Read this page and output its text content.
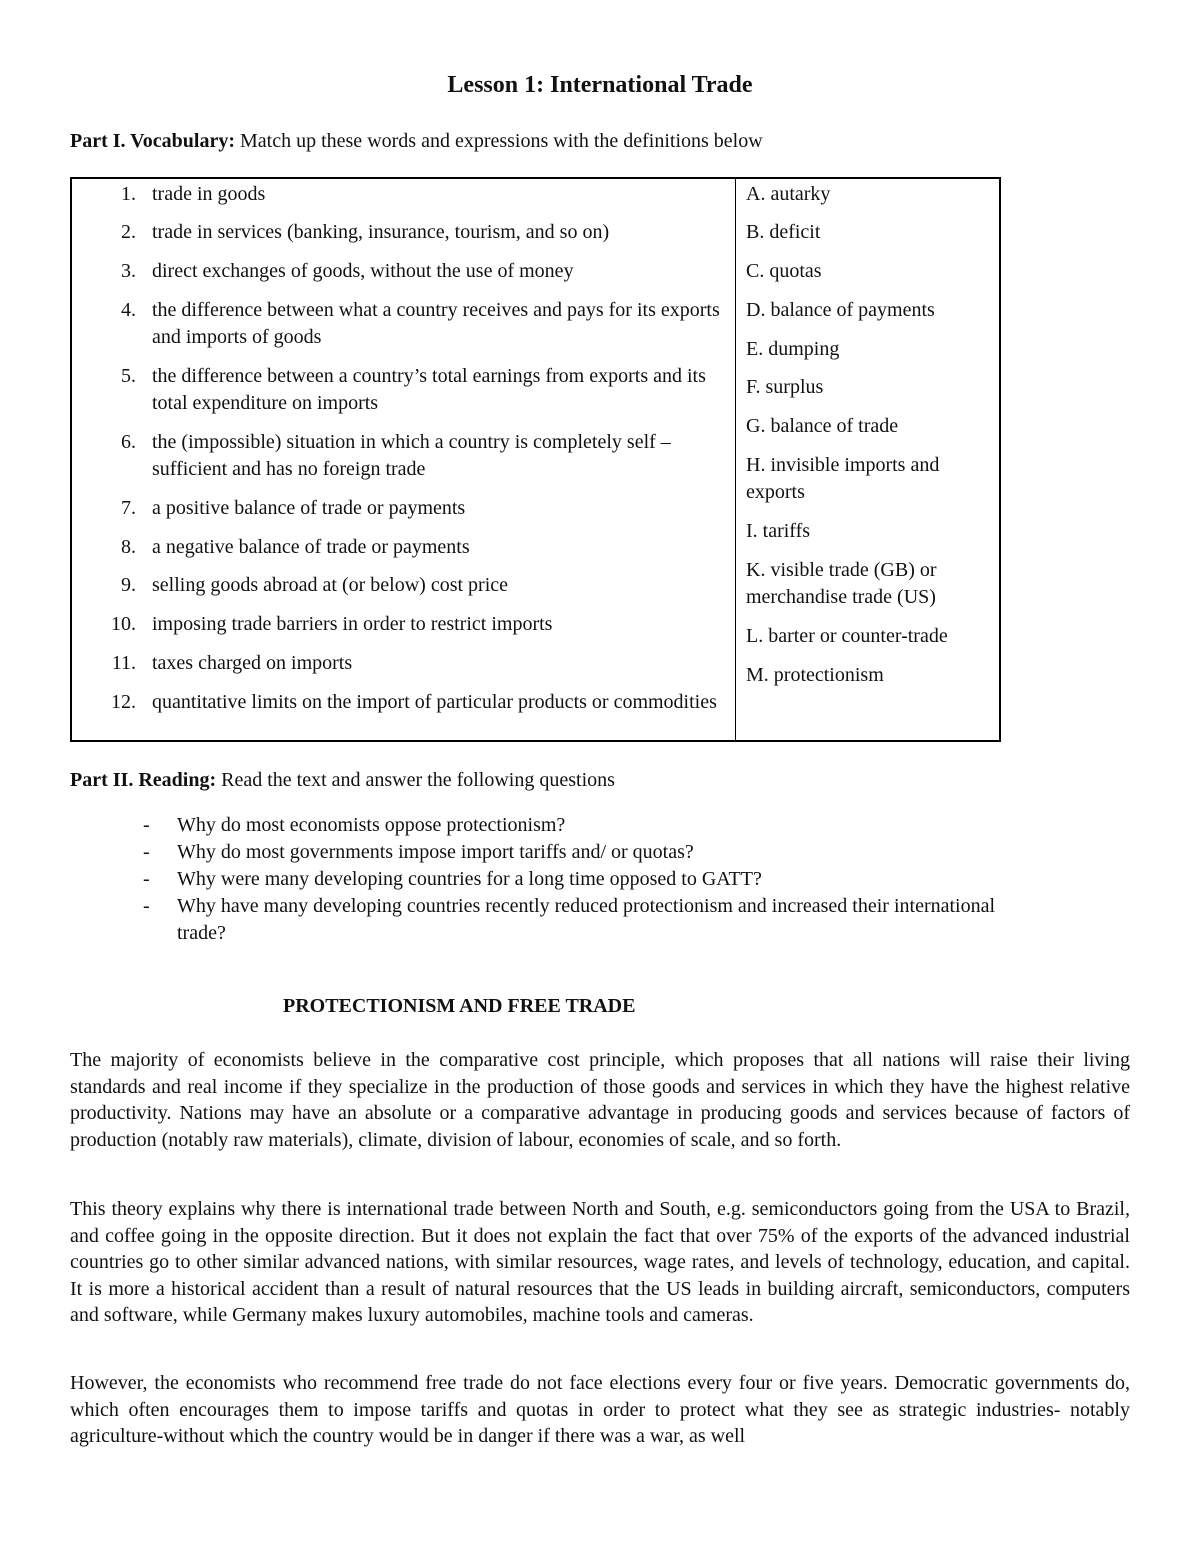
Lesson 1: International Trade
Part I. Vocabulary: Match up these words and expressions with the definitions below
1. trade in goods
2. trade in services (banking, insurance, tourism, and so on)
3. direct exchanges of goods, without the use of money
4. the difference between what a country receives and pays for its exports and imports of goods
5. the difference between a country’s total earnings from exports and its total expenditure on imports
6. the (impossible) situation in which a country is completely self –sufficient and has no foreign trade
7. a positive balance of trade or payments
8. a negative balance of trade or payments
9. selling goods abroad at (or below) cost price
10. imposing trade barriers in order to restrict imports
11. taxes charged on imports
12. quantitative limits on the import of particular products or commodities
A. autarky
B. deficit
C. quotas
D. balance of payments
E. dumping
F. surplus
G. balance of trade
H. invisible imports and exports
I. tariffs
K. visible trade (GB) or merchandise trade (US)
L. barter or counter-trade
M. protectionism
Part II. Reading: Read the text and answer the following questions
- Why do most economists oppose protectionism?
- Why do most governments impose import tariffs and/ or quotas?
- Why were many developing countries for a long time opposed to GATT?
- Why have many developing countries recently reduced protectionism and increased their international trade?
PROTECTIONISM AND FREE TRADE

The majority of economists believe in the comparative cost principle, which proposes that all nations will raise their living standards and real income if they specialize in the production of those goods and services in which they have the highest relative productivity. Nations may have an absolute or a comparative advantage in producing goods and services because of factors of production (notably raw materials), climate, division of labour, economies of scale, and so forth.

This theory explains why there is international trade between North and South, e.g. semiconductors going from the USA to Brazil, and coffee going in the opposite direction. But it does not explain the fact that over 75% of the exports of the advanced industrial countries go to other similar advanced nations, with similar resources, wage rates, and levels of technology, education, and capital. It is more a historical accident than a result of natural resources that the US leads in building aircraft, semiconductors, computers and software, while Germany makes luxury automobiles, machine tools and cameras.

However, the economists who recommend free trade do not face elections every four or five years. Democratic governments do, which often encourages them to impose tariffs and quotas in order to protect what they see as strategic industries- notably agriculture-without which the country would be in danger if there was a war, as well
